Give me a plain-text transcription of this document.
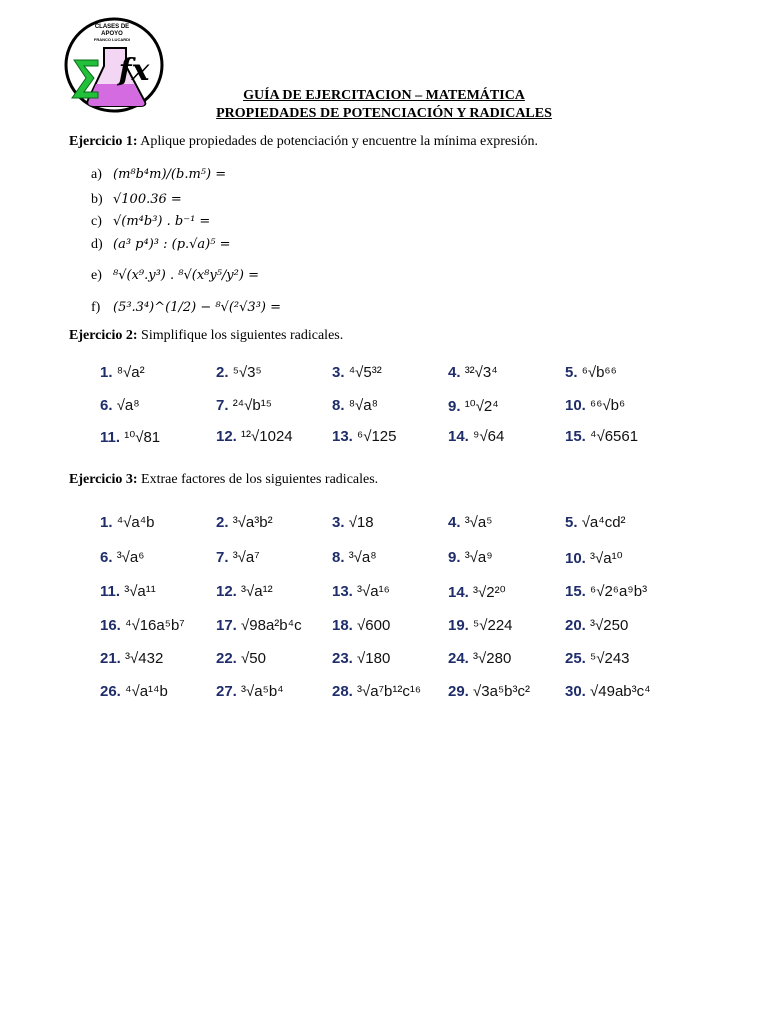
CLASES DE
APOYO
FRANCO LUCARDI
fx
GUÍA DE EJERCITACION – MATEMÁTICA
PROPIEDADES DE POTENCIACIÓN Y RADICALES
Ejercicio 1: Aplique propiedades de potenciación y encuentre la mínima expresión.
a) (m⁸b⁴m)/(b.m⁵) =
b) √100.36 =
c) √(m⁴b³) . b⁻¹ =
d) (a³ p⁴)³ : (p.√a)⁵ =
e) ⁸√(x⁹.y³) . ⁸√(x⁸y⁵/y²) =
f) (5³.3⁴)^(1/2) − ⁸√(²√3³) =
Ejercicio 2: Simplifique los siguientes radicales.
1. ⁸√a²	2. ⁵√3⁵	3. ⁴√5³²	4. ³²√3⁴	5. ⁶√b⁶⁶
6. √a⁸	7. ²⁴√b¹⁵	8. ⁸√a⁸	9. ¹⁰√2⁴	10. ⁶⁶√b⁶
11. ¹⁰√81	12. ¹²√1024	13. ⁶√125	14. ⁹√64	15. ⁴√6561
Ejercicio 3: Extrae factores de los siguientes radicales.
1. ⁴√a⁴b	2. ³√a³b²	3. √18	4. ³√a⁵	5. √a⁴cd²
6. ³√a⁶	7. ³√a⁷	8. ³√a⁸	9. ³√a⁹	10. ³√a¹⁰
11. ³√a¹¹	12. ³√a¹²	13. ³√a¹⁶	14. ³√2²⁰	15. ⁶√2⁶a⁹b³
16. ⁴√16a⁵b⁷ 17. √98a²b⁴c 18. √600	19. ⁵√224	20. ³√250
21. ³√432	22. √50	23. √180	24. ³√280	25. ⁵√243
26. ⁴√a¹⁴b	27. ³√a⁵b⁴	28. ³√a⁷b¹²c¹⁶ 29. √3a⁵b³c² 30. √49ab³c⁴
